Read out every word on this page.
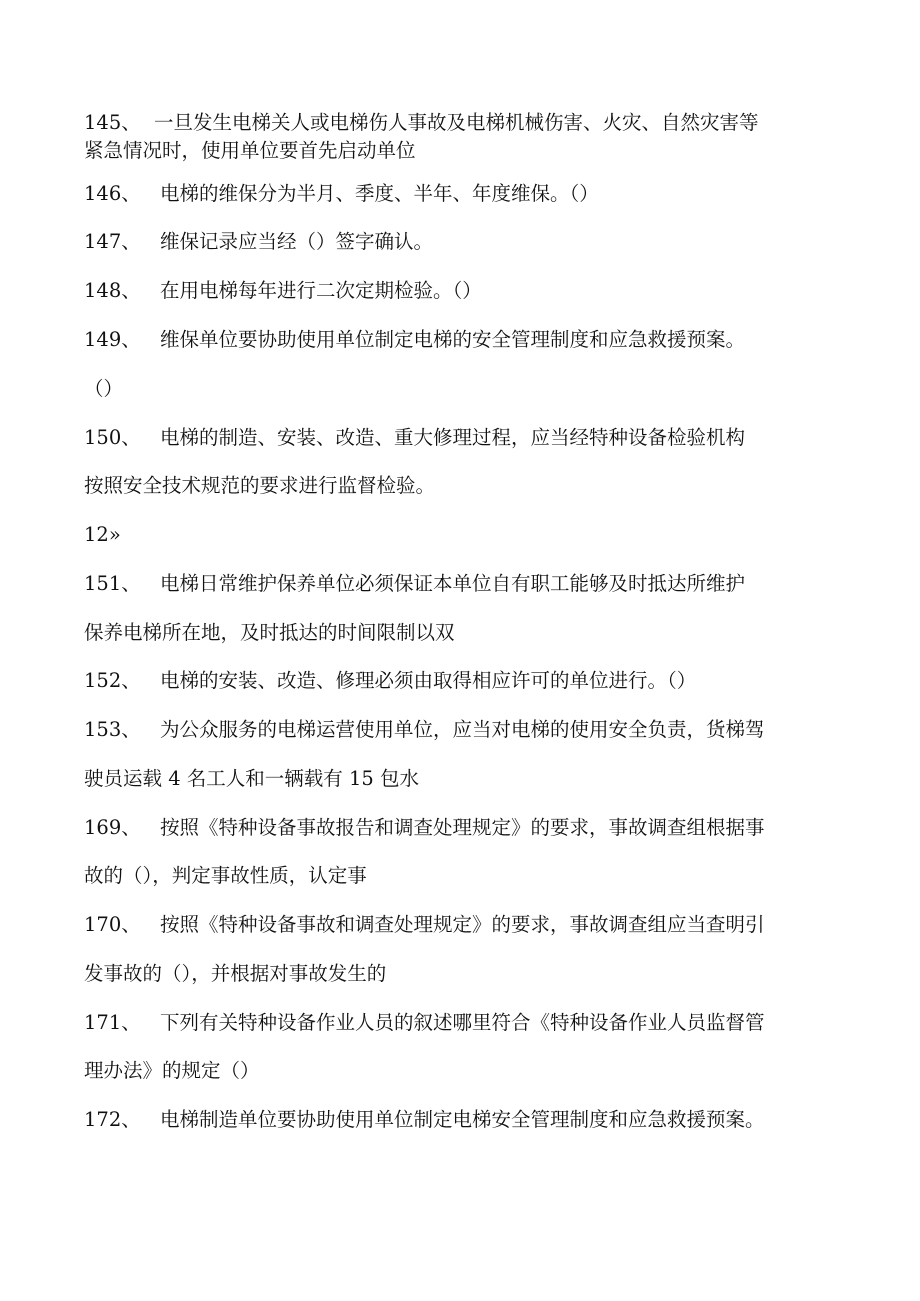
145、 一旦发生电梯关人或电梯伤人事故及电梯机械伤害、火灾、自然灾害等
紧急情况时，使用单位要首先启动单位
146、 电梯的维保分为半月、季度、半年、年度维保。（）
147、 维保记录应当经（）签字确认。
148、 在用电梯每年进行二次定期检验。（）
149、 维保单位要协助使用单位制定电梯的安全管理制度和应急救援预案。
（）
150、 电梯的制造、安装、改造、重大修理过程，应当经特种设备检验机构
按照安全技术规范的要求进行监督检验。
12»
151、 电梯日常维护保养单位必须保证本单位自有职工能够及时抵达所维护
保养电梯所在地，及时抵达的时间限制以双
152、 电梯的安装、改造、修理必须由取得相应许可的单位进行。（）
153、 为公众服务的电梯运营使用单位，应当对电梯的使用安全负责，货梯驾
驶员运载 4 名工人和一辆载有 15 包水
169、 按照《特种设备事故报告和调查处理规定》的要求，事故调查组根据事
故的（），判定事故性质，认定事
170、 按照《特种设备事故和调查处理规定》的要求，事故调查组应当查明引
发事故的（），并根据对事故发生的
171、 下列有关特种设备作业人员的叙述哪里符合《特种设备作业人员监督管
理办法》的规定（）
172、 电梯制造单位要协助使用单位制定电梯安全管理制度和应急救援预案。
